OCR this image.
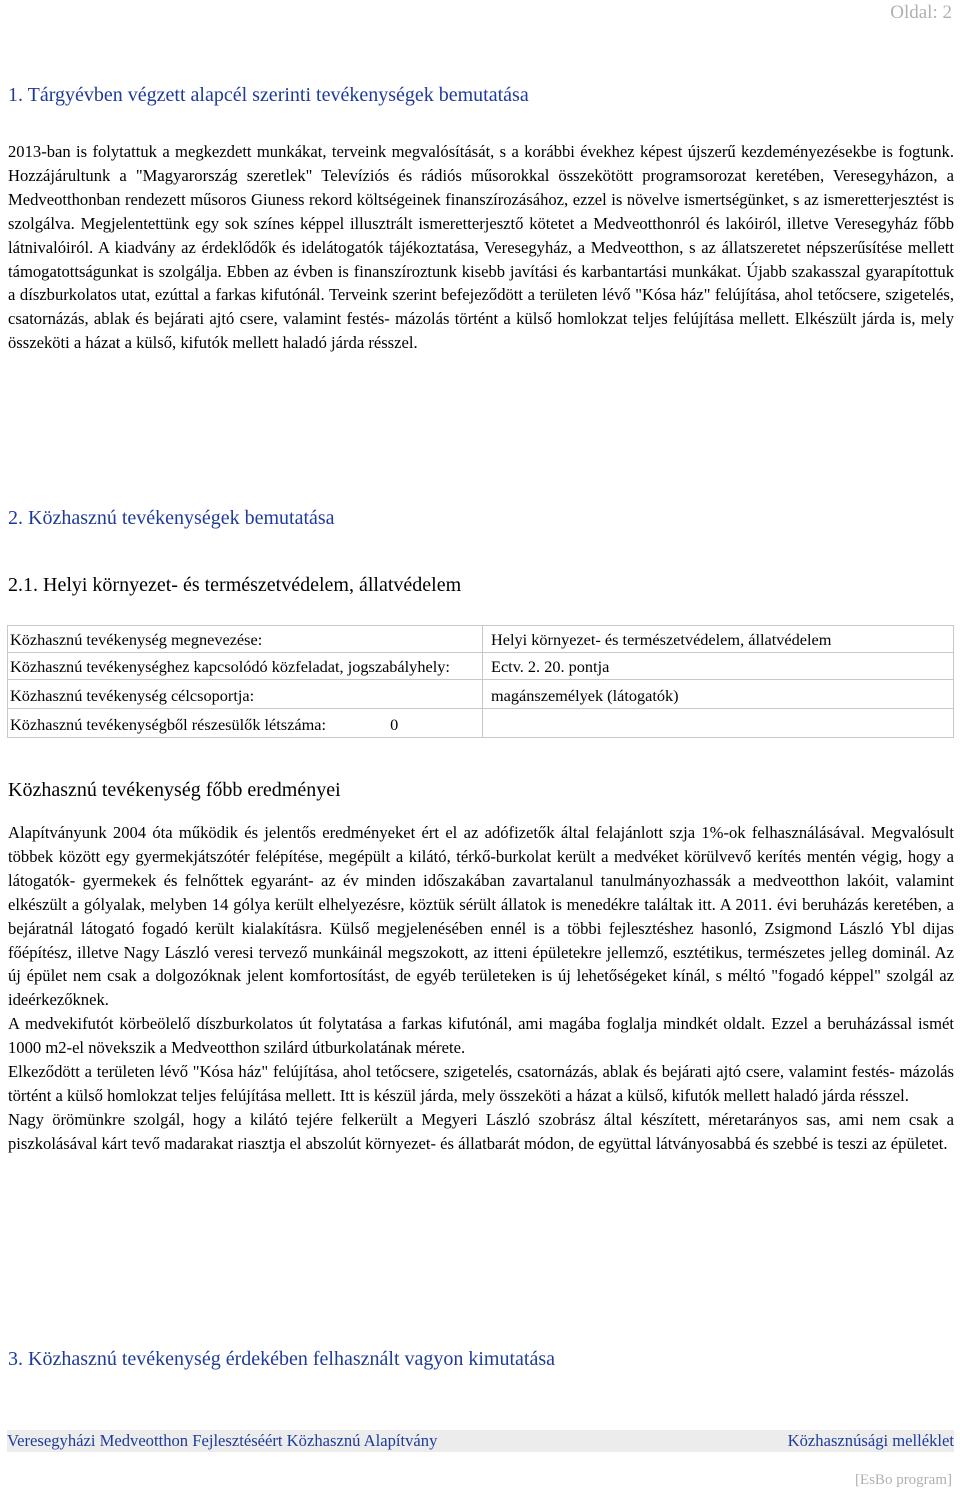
Oldal: 2
1. Tárgyévben végzett alapcél szerinti tevékenységek bemutatása

2013-ban is folytattuk a megkezdett munkákat, terveink megvalósítását, s a korábbi évekhez képest újszerű kezdeményezésekbe is fogtunk. Hozzájárultunk a "Magyarország szeretlek" Televíziós és rádiós műsorokkal összekötött programsorozat keretében, Veresegyházon, a Medveotthonban rendezett műsoros Giuness rekord költségeinek finanszírozásához, ezzel is növelve ismertségünket, s az ismeretterjesztést is szolgálva. Megjelentettünk egy sok színes képpel illusztrált ismeretterjesztő kötetet a Medveotthonról és lakóiról, illetve Veresegyház főbb látnivalóiról. A kiadvány az érdeklődők és idelátogatók tájékoztatása, Veresegyház, a Medveotthon, s az állatszeretet népszerűsítése mellett támogatottságunkat is szolgálja. Ebben az évben is finanszíroztunk kisebb javítási és karbantartási munkákat. Újabb szakasszal gyarapítottuk a díszburkolatos utat, ezúttal a farkas kifutónál. Terveink szerint befejeződött a területen lévő "Kósa ház" felújítása, ahol tetőcsere, szigetelés, csatornázás, ablak és bejárati ajtó csere, valamint festés- mázolás történt a külső homlokzat teljes felújítása mellett. Elkészült járda is, mely összeköti a házat a külső, kifutók mellett haladó járda résszel.

2. Közhasznú tevékenységek bemutatása
2.1. Helyi környezet- és természetvédelem, állatvédelem
Közhasznú tevékenység megnevezése:	Helyi környezet- és természetvédelem, állatvédelem
Közhasznú tevékenységhez kapcsolódó közfeladat, jogszabályhely:	Ectv. 2. 20. pontja
Közhasznú tevékenység célcsoportja:	magánszemélyek (látogatók)
Közhasznú tevékenységből részesülők létszáma: 0	
Közhasznú tevékenység főbb eredményei

Alapítványunk 2004 óta működik és jelentős eredményeket ért el az adófizetők által felajánlott szja 1%-ok felhasználásával. Megvalósult többek között egy gyermekjátszótér felépítése, megépült a kilátó, térkő-burkolat került a medvéket körülvevő kerítés mentén végig, hogy a látogatók- gyermekek és felnőttek egyaránt- az év minden időszakában zavartalanul tanulmányozhassák a medveotthon lakóit, valamint elkészült a gólyalak, melyben 14 gólya került elhelyezésre, köztük sérült állatok is menedékre találtak itt. A 2011. évi beruházás keretében, a bejáratnál látogató fogadó került kialakításra. Külső megjelenésében ennél is a többi fejlesztéshez hasonló, Zsigmond László Ybl dijas főépítész, illetve Nagy László veresi tervező munkáinál megszokott, az itteni épületekre jellemző, esztétikus, természetes jelleg dominál. Az új épület nem csak a dolgozóknak jelent komfortosítást, de egyéb területeken is új lehetőségeket kínál, s méltó "fogadó képpel" szolgál az ideérkezőknek.

A medvekifutót körbeölelő díszburkolatos út folytatása a farkas kifutónál, ami magába foglalja mindkét oldalt. Ezzel a beruházással ismét 1000 m2-el növekszik a Medveotthon szilárd útburkolatának mérete.

Elkeződött a területen lévő "Kósa ház" felújítása, ahol tetőcsere, szigetelés, csatornázás, ablak és bejárati ajtó csere, valamint festés- mázolás történt a külső homlokzat teljes felújítása mellett. Itt is készül járda, mely összeköti a házat a külső, kifutók mellett haladó járda résszel.

Nagy örömünkre szolgál, hogy a kilátó tejére felkerült a Megyeri László szobrász által készített, méretarányos sas, ami nem csak a piszkolásával kárt tevő madarakat riasztja el abszolút környezet- és állatbarát módon, de együttal látványosabbá és szebbé is teszi az épületet.

3. Közhasznú tevékenység érdekében felhasznált vagyon kimutatása
Veresegyházi Medveotthon Fejlesztéséért Közhasznú Alapítvány	Közhasznúsági melléklet
[EsBo program]
